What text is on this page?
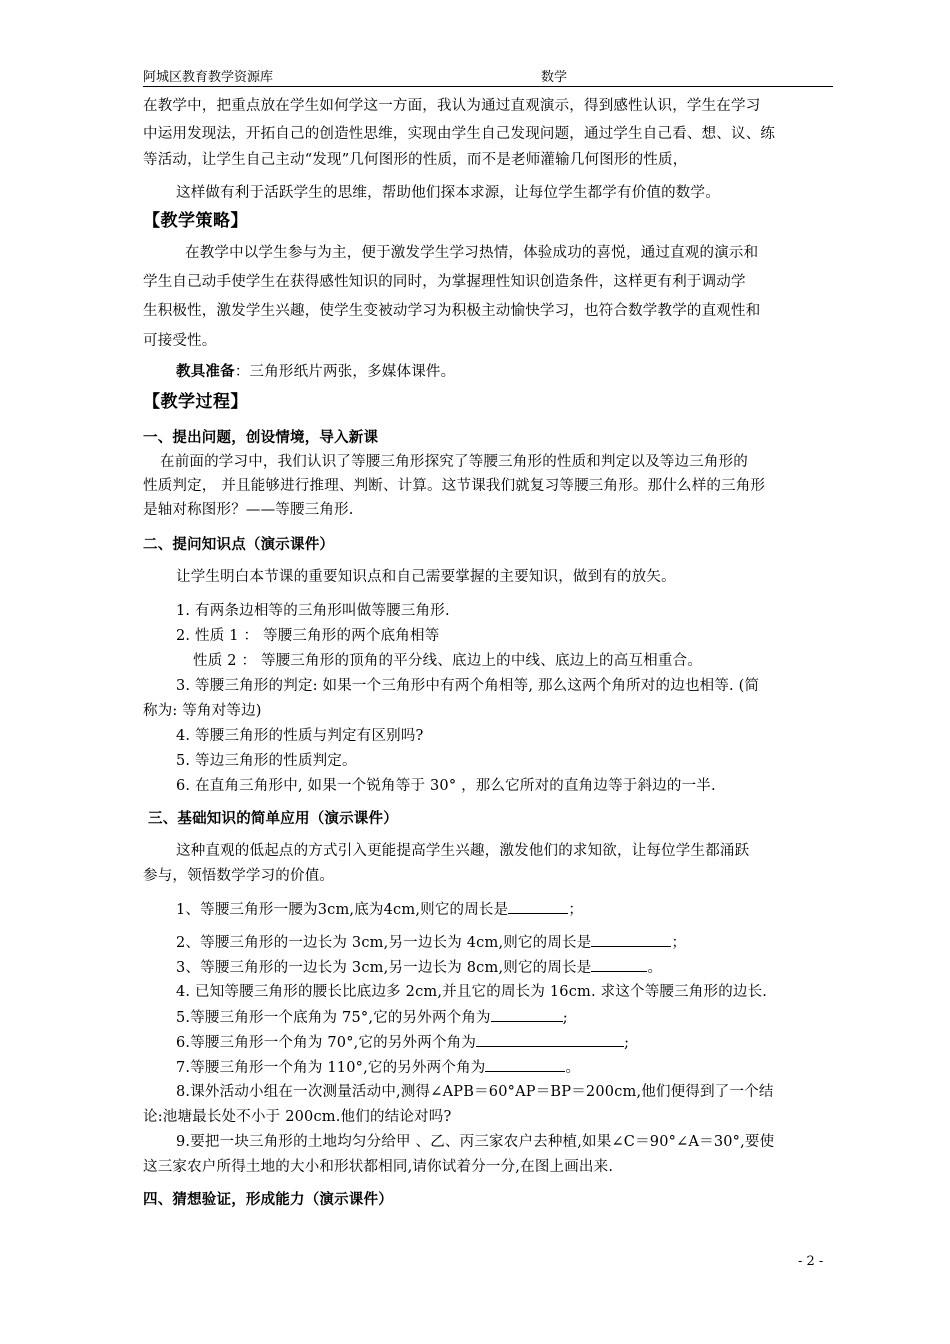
阿城区教育教学资源库	数学
在教学中，把重点放在学生如何学这一方面，我认为通过直观演示，得到感性认识，学生在学习
中运用发现法，开拓自己的创造性思维，实现由学生自己发现问题，通过学生自己看、想、议、练
等活动，让学生自己主动“发现”几何图形的性质，而不是老师灌输几何图形的性质，
这样做有利于活跃学生的思维，帮助他们探本求源，让每位学生都学有价值的数学。
【教学策略】
在教学中以学生参与为主，便于激发学生学习热情，体验成功的喜悦，通过直观的演示和
学生自己动手使学生在获得感性知识的同时，为掌握理性知识创造条件，这样更有利于调动学
生积极性，激发学生兴趣，使学生变被动学习为积极主动愉快学习，也符合数学教学的直观性和
可接受性。
教具准备：三角形纸片两张，多媒体课件。
【教学过程】
一、提出问题，创设情境，导入新课
在前面的学习中，我们认识了等腰三角形探究了等腰三角形的性质和判定以及等边三角形的
性质判定， 并且能够进行推理、判断、计算。这节课我们就复习等腰三角形。那什么样的三角形
是轴对称图形？——等腰三角形.
二、提问知识点（演示课件）
让学生明白本节课的重要知识点和自己需要掌握的主要知识，做到有的放矢。
1. 有两条边相等的三角形叫做等腰三角形.
2. 性质 1 ： 等腰三角形的两个底角相等
性质 2 ： 等腰三角形的顶角的平分线、底边上的中线、底边上的高互相重合。
3. 等腰三角形的判定: 如果一个三角形中有两个角相等, 那么这两个角所对的边也相等. (简
称为: 等角对等边)
4. 等腰三角形的性质与判定有区别吗?
5. 等边三角形的性质判定。
6. 在直角三角形中, 如果一个锐角等于 30° ，那么它所对的直角边等于斜边的一半.
三、基础知识的简单应用（演示课件）
这种直观的低起点的方式引入更能提高学生兴趣，激发他们的求知欲，让每位学生都涌跃
参与，领悟数学学习的价值。
1、等腰三角形一腰为3cm,底为4cm,则它的周长是	；
2、等腰三角形的一边长为 3cm,另一边长为 4cm,则它的周长是	；
3、等腰三角形的一边长为 3cm,另一边长为 8cm,则它的周长是	。
4. 已知等腰三角形的腰长比底边多 2cm,并且它的周长为 16cm. 求这个等腰三角形的边长.
5.等腰三角形一个底角为 75°,它的另外两个角为	;
6.等腰三角形一个角为 70°,它的另外两个角为	;
7.等腰三角形一个角为 110°,它的另外两个角为	。
8.课外活动小组在一次测量活动中,测得∠APB＝60°AP＝BP＝200cm,他们便得到了一个结
论:池塘最长处不小于 200cm.他们的结论对吗?
9.要把一块三角形的土地均匀分给甲 、乙、丙三家农户去种植,如果∠C＝90°∠A＝30°,要使
这三家农户所得土地的大小和形状都相同,请你试着分一分,在图上画出来.
四、猜想验证，形成能力（演示课件）
- 2 -
